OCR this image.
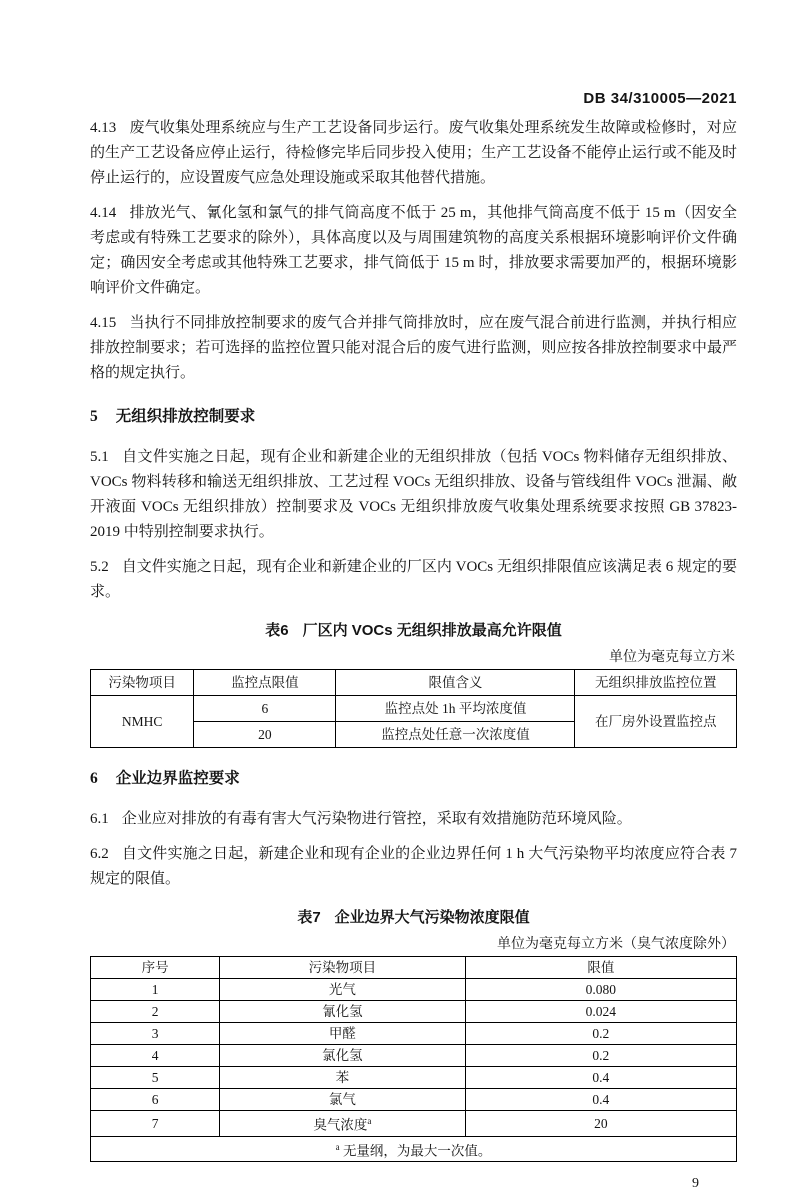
DB 34/310005—2021

4.13 废气收集处理系统应与生产工艺设备同步运行。废气收集处理系统发生故障或检修时，对应的生产工艺设备应停止运行，待检修完毕后同步投入使用；生产工艺设备不能停止运行或不能及时停止运行的，应设置废气应急处理设施或采取其他替代措施。

4.14 排放光气、氰化氢和氯气的排气筒高度不低于 25 m，其他排气筒高度不低于 15 m（因安全考虑或有特殊工艺要求的除外），具体高度以及与周围建筑物的高度关系根据环境影响评价文件确定；确因安全考虑或其他特殊工艺要求，排气筒低于 15 m 时，排放要求需要加严的，根据环境影响评价文件确定。

4.15 当执行不同排放控制要求的废气合并排气筒排放时，应在废气混合前进行监测，并执行相应排放控制要求；若可选择的监控位置只能对混合后的废气进行监测，则应按各排放控制要求中最严格的规定执行。

5 无组织排放控制要求

5.1 自文件实施之日起，现有企业和新建企业的无组织排放（包括 VOCs 物料储存无组织排放、VOCs 物料转移和输送无组织排放、工艺过程 VOCs 无组织排放、设备与管线组件 VOCs 泄漏、敞开液面 VOCs 无组织排放）控制要求及 VOCs 无组织排放废气收集处理系统要求按照 GB 37823-2019 中特别控制要求执行。

5.2 自文件实施之日起，现有企业和新建企业的厂区内 VOCs 无组织排限值应该满足表 6 规定的要求。

表6 厂区内 VOCs 无组织排放最高允许限值
单位为毫克每立方米
污染物项目	监控点限值	限值含义	无组织排放监控位置
NMHC	6	监控点处 1h 平均浓度值	在厂房外设置监控点
	20	监控点处任意一次浓度值	
6 企业边界监控要求

6.1 企业应对排放的有毒有害大气污染物进行管控，采取有效措施防范环境风险。

6.2 自文件实施之日起，新建企业和现有企业的企业边界任何 1 h 大气污染物平均浓度应符合表 7 规定的限值。

表7 企业边界大气污染物浓度限值
单位为毫克每立方米（臭气浓度除外）
序号	污染物项目	限值
1	光气	0.080
2	氰化氢	0.024
3	甲醛	0.2
4	氯化氢	0.2
5	苯	0.4
6	氯气	0.4
7	臭气浓度$^a$	20
$^a$ 无量纲，为最大一次值。		
9
